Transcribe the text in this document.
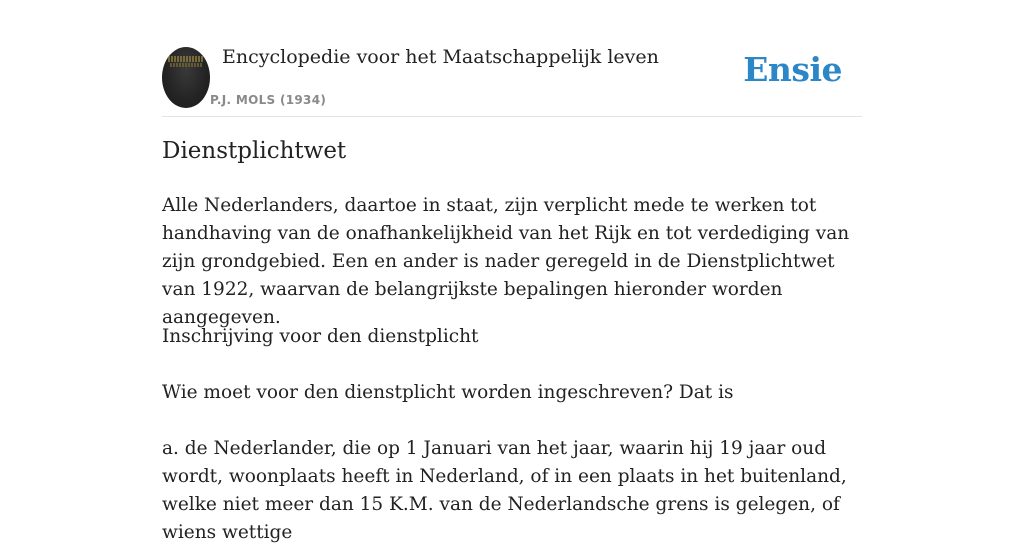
Encyclopedie voor het Maatschappelijk leven
P.J. MOLS (1934)
Ensie
Dienstplichtwet

Alle Nederlanders, daartoe in staat, zijn verplicht mede te werken tot handhaving van de onafhankelijkheid van het Rijk en tot verdediging van zijn grondgebied. Een en ander is nader geregeld in de Dienstplichtwet van 1922, waarvan de belangrijkste bepalingen hieronder worden aangegeven.

Inschrijving voor den dienstplicht

Wie moet voor den dienstplicht worden ingeschreven? Dat is

a. de Nederlander, die op 1 Januari van het jaar, waarin hij 19 jaar oud wordt, woonplaats heeft in Nederland, of in een plaats in het buitenland, welke niet meer dan 15 K.M. van de Nederlandsche grens is gelegen, of wiens wettige
